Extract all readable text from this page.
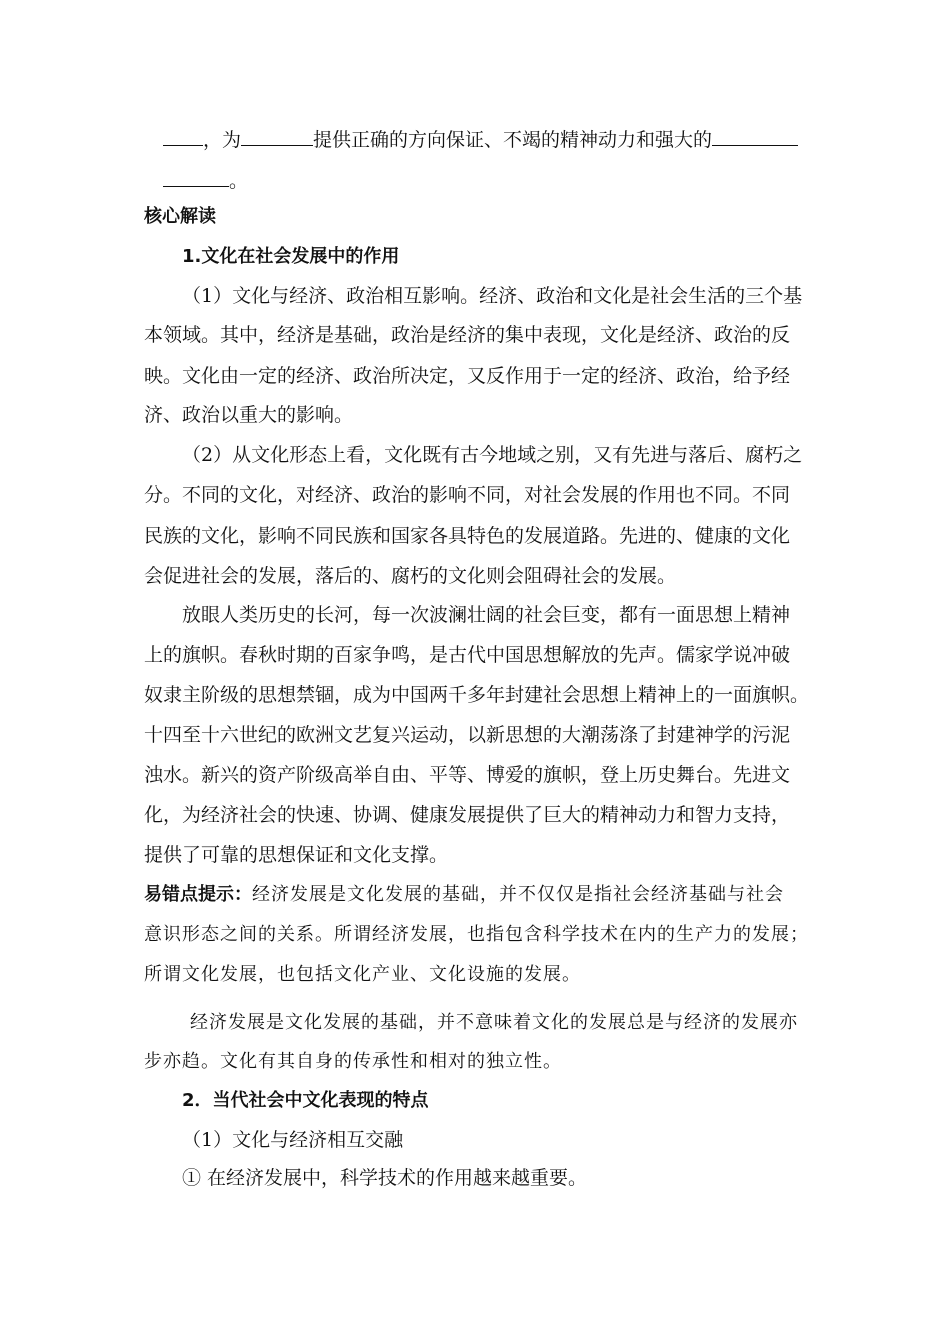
，为	提供正确的方向保证、不竭的精神动力和强大的
。
核心解读
1.文化在社会发展中的作用
（1）文化与经济、政治相互影响。经济、政治和文化是社会生活的三个基
本领域。其中，经济是基础，政治是经济的集中表现，文化是经济、政治的反
映。文化由一定的经济、政治所决定，又反作用于一定的经济、政治，给予经
济、政治以重大的影响。
（2）从文化形态上看，文化既有古今地域之别，又有先进与落后、腐朽之
分。不同的文化，对经济、政治的影响不同，对社会发展的作用也不同。不同
民族的文化，影响不同民族和国家各具特色的发展道路。先进的、健康的文化
会促进社会的发展，落后的、腐朽的文化则会阻碍社会的发展。
放眼人类历史的长河，每一次波澜壮阔的社会巨变，都有一面思想上精神
上的旗帜。春秋时期的百家争鸣，是古代中国思想解放的先声。儒家学说冲破
奴隶主阶级的思想禁锢，成为中国两千多年封建社会思想上精神上的一面旗帜。
十四至十六世纪的欧洲文艺复兴运动，以新思想的大潮荡涤了封建神学的污泥
浊水。新兴的资产阶级高举自由、平等、博爱的旗帜，登上历史舞台。先进文
化，为经济社会的快速、协调、健康发展提供了巨大的精神动力和智力支持，
提供了可靠的思想保证和文化支撑。
易错点提示：经济发展是文化发展的基础，并不仅仅是指社会经济基础与社会
意识形态之间的关系。所谓经济发展，也指包含科学技术在内的生产力的发展；
所谓文化发展，也包括文化产业、文化设施的发展。
经济发展是文化发展的基础，并不意味着文化的发展总是与经济的发展亦
步亦趋。文化有其自身的传承性和相对的独立性。
2．当代社会中文化表现的特点
（1）文化与经济相互交融
① 在经济发展中，科学技术的作用越来越重要。
